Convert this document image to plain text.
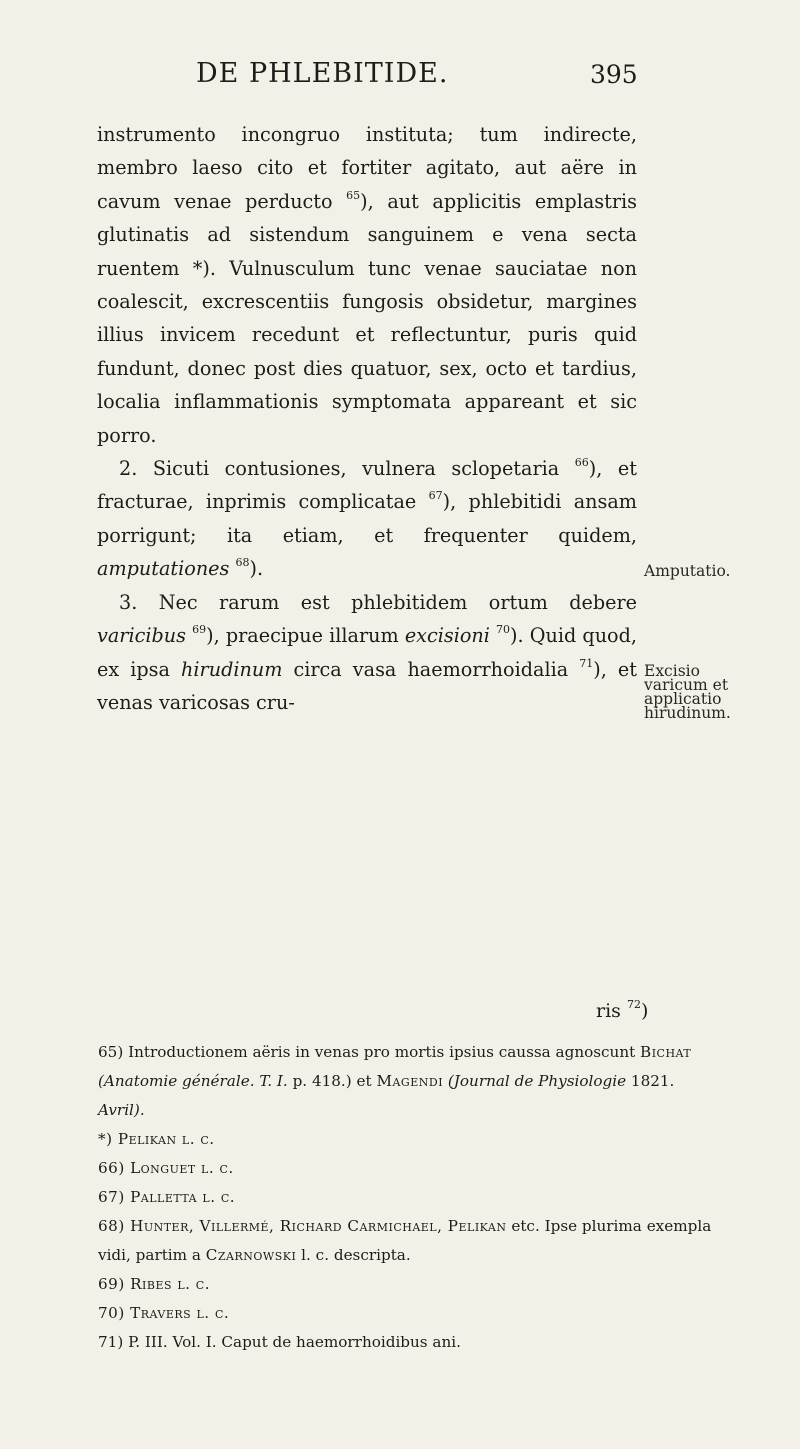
DE PHLEBITIDE.	395

instrumento incongruo instituta; tum indirecte, membro laeso cito et fortiter agitato, aut aëre in cavum venae perducto $^{65}$), aut applicitis emplastris glutinatis ad sistendum sanguinem e vena secta ruentem *). Vulnusculum tunc venae sauciatae non coalescit, excrescentiis fungosis obsidetur, margines illius invicem recedunt et reflectuntur, puris quid fundunt, donec post dies quatuor, sex, octo et tardius, localia inflammationis symptomata appareant et sic porro.

2. Sicuti contusiones, vulnera sclopetaria $^{66}$), et fracturae, inprimis complicatae $^{67}$), phlebitidi ansam porrigunt; ita etiam, et frequenter quidem, amputationes $^{68}$).

3. Nec rarum est phlebitidem ortum debere varicibus $^{69}$), praecipue illarum excisioni $^{70}$). Quid quod, ex ipsa hirudinum circa vasa haemorrhoidalia $^{71}$), et venas varicosas cru-

Amputatio.
Excisio varicum et applicatio hirudinum.
ris $^{72}$)

65) Introductionem aëris in venas pro mortis ipsius caussa agnoscunt Bichat (Anatomie générale. T. I. p. 418.) et Magendi (Journal de Physiologie 1821. Avril).

*) Pelikan l. c.

66) Longuet l. c.

67) Palletta l. c.

68) Hunter, Villermé, Richard Carmichael, Pelikan etc. Ipse plurima exempla vidi, partim a Czarnowski l. c. descripta.

69) Ribes l. c.

70) Travers l. c.

71) P. III. Vol. I. Caput de haemorrhoidibus ani.
